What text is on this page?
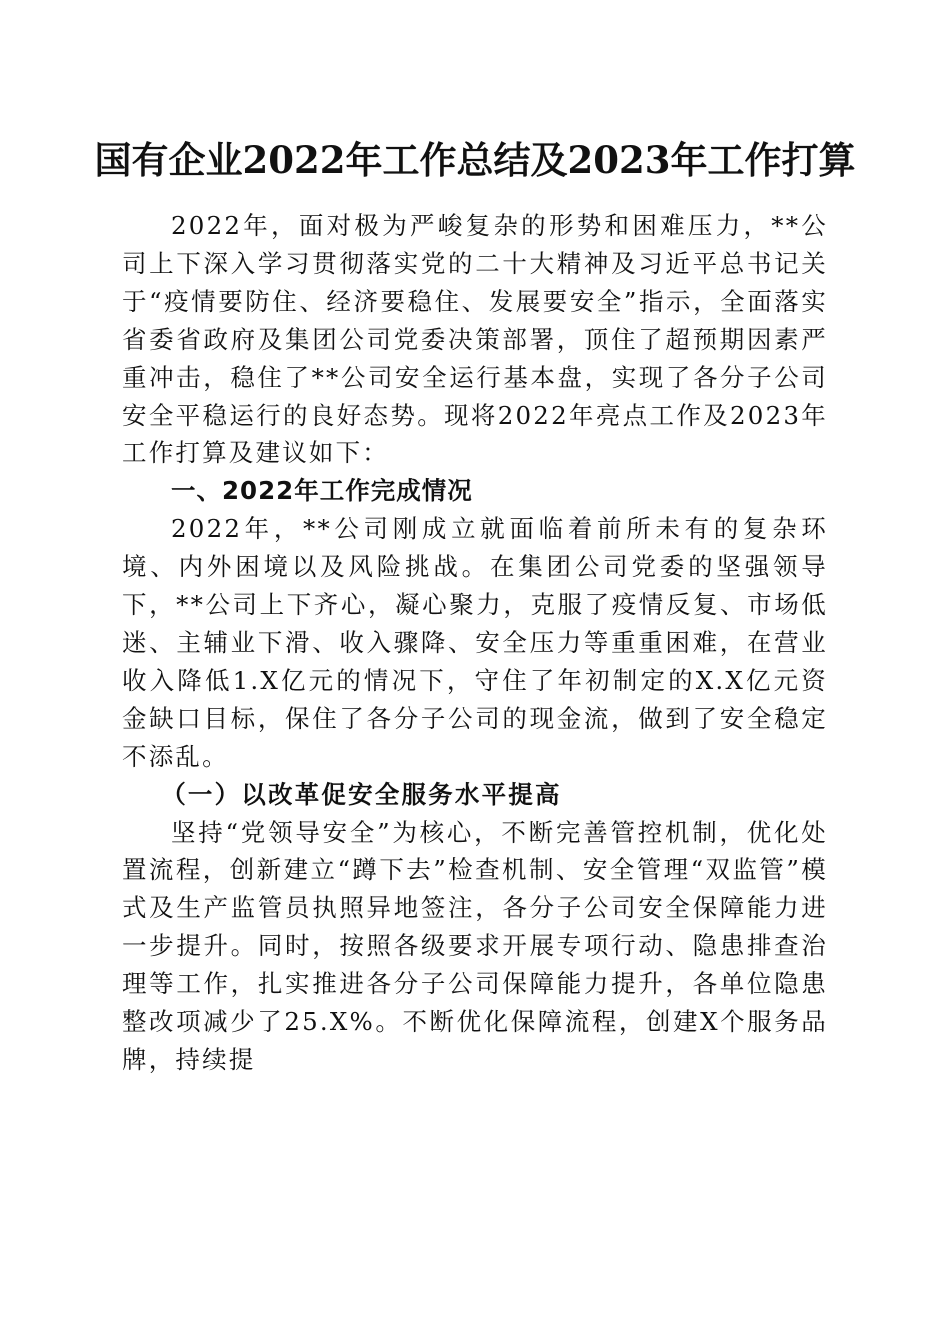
国有企业2022年工作总结及2023年工作打算

2022年，面对极为严峻复杂的形势和困难压力，**公司上下深入学习贯彻落实党的二十大精神及习近平总书记关于“疫情要防住、经济要稳住、发展要安全”指示，全面落实省委省政府及集团公司党委决策部署，顶住了超预期因素严重冲击，稳住了**公司安全运行基本盘，实现了各分子公司安全平稳运行的良好态势。现将2022年亮点工作及2023年工作打算及建议如下：

一、2022年工作完成情况

2022年，**公司刚成立就面临着前所未有的复杂环境、内外困境以及风险挑战。在集团公司党委的坚强领导下，**公司上下齐心，凝心聚力，克服了疫情反复、市场低迷、主辅业下滑、收入骤降、安全压力等重重困难，在营业收入降低1.X亿元的情况下，守住了年初制定的X.X亿元资金缺口目标，保住了各分子公司的现金流，做到了安全稳定不添乱。

（一）以改革促安全服务水平提高

坚持“党领导安全”为核心，不断完善管控机制，优化处置流程，创新建立“蹲下去”检查机制、安全管理“双监管”模式及生产监管员执照异地签注，各分子公司安全保障能力进一步提升。同时，按照各级要求开展专项行动、隐患排查治理等工作，扎实推进各分子公司保障能力提升，各单位隐患整改项减少了25.X%。不断优化保障流程，创建X个服务品牌，持续提
